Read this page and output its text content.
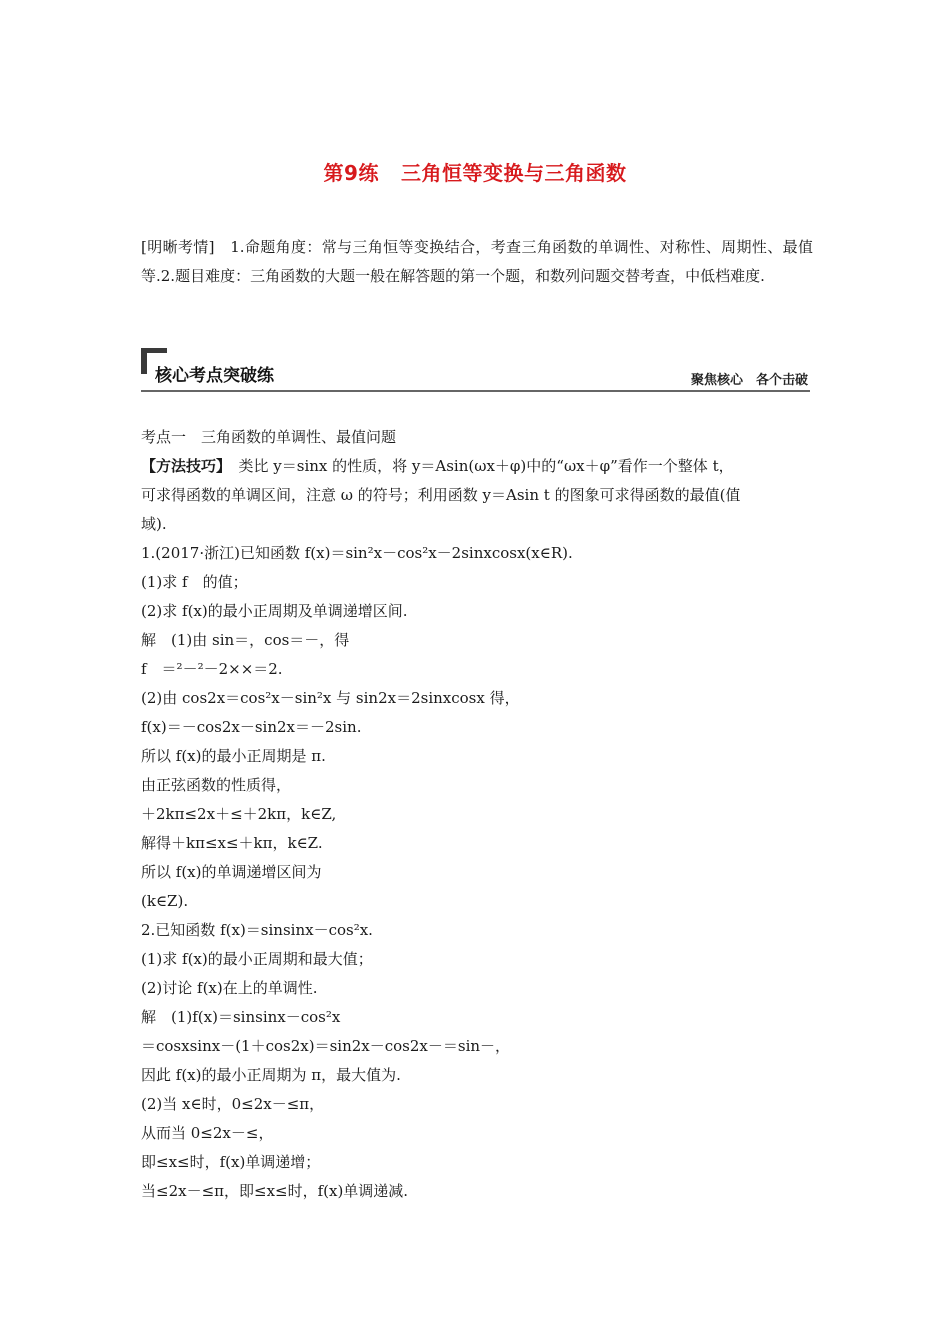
第9练 三角恒等变换与三角函数
[明晰考情]　1.命题角度：常与三角恒等变换结合，考查三角函数的单调性、对称性、周期性、最值等.2.题目难度：三角函数的大题一般在解答题的第一个题，和数列问题交替考查，中低档难度.
核心考点突破练	聚焦核心　各个击破
考点一　三角函数的单调性、最值问题
【方法技巧】　类比 y＝sinx 的性质，将 y＝Asin(ωx＋φ)中的“ωx＋φ”看作一个整体 t，
可求得函数的单调区间，注意 ω 的符号；利用函数 y＝Asin t 的图象可求得函数的最值(值
域).
1.(2017·浙江)已知函数 f(x)＝sin²x－cos²x－2sinxcosx(x∈R).
(1)求 f　的值；
(2)求 f(x)的最小正周期及单调递增区间.
解　(1)由 sin＝，cos＝－，得
f　＝²－²－2××＝2.
(2)由 cos2x＝cos²x－sin²x 与 sin2x＝2sinxcosx 得，
f(x)＝－cos2x－sin2x＝－2sin.
所以 f(x)的最小正周期是 π.
由正弦函数的性质得，
＋2kπ≤2x＋≤＋2kπ，k∈Z,
解得＋kπ≤x≤＋kπ，k∈Z.
所以 f(x)的单调递增区间为
(k∈Z).
2.已知函数 f(x)＝sinsinx－cos²x.
(1)求 f(x)的最小正周期和最大值；
(2)讨论 f(x)在上的单调性.
解　(1)f(x)＝sinsinx－cos²x
＝cosxsinx－(1＋cos2x)＝sin2x－cos2x－＝sin－，
因此 f(x)的最小正周期为 π，最大值为.
(2)当 x∈时，0≤2x－≤π，
从而当 0≤2x－≤，
即≤x≤时，f(x)单调递增；
当≤2x－≤π，即≤x≤时，f(x)单调递减.
